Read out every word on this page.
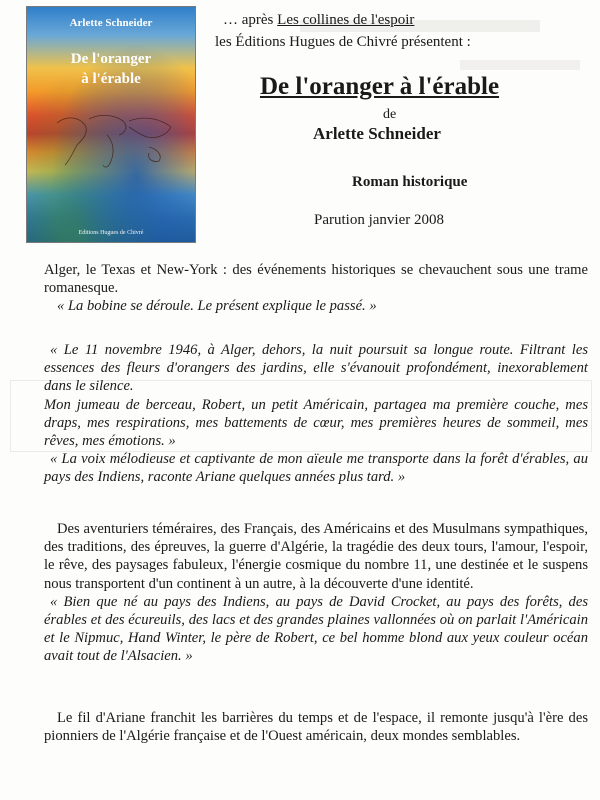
Arlette Schneider
De l'oranger
à l'érable
Editions Hugues de Chivré
… après Les collines de l'espoir
les Éditions Hugues de Chivré présentent :
De l'oranger à l'érable
de
Arlette Schneider
Roman historique
Parution janvier 2008

Alger, le Texas et New-York : des événements historiques se chevauchent sous une trame romanesque.

« La bobine se déroule. Le présent explique le passé. »

« Le 11 novembre 1946, à Alger, dehors, la nuit poursuit sa longue route. Filtrant les essences des fleurs d'orangers des jardins, elle s'évanouit profondément, inexorablement dans le silence.

Mon jumeau de berceau, Robert, un petit Américain, partagea ma première couche, mes draps, mes respirations, mes battements de cœur, mes premières heures de sommeil, mes rêves, mes émotions. »

« La voix mélodieuse et captivante de mon aïeule me transporte dans la forêt d'érables, au pays des Indiens, raconte Ariane quelques années plus tard. »

Des aventuriers téméraires, des Français, des Américains et des Musulmans sympathiques, des traditions, des épreuves, la guerre d'Algérie, la tragédie des deux tours, l'amour, l'espoir, le rêve, des paysages fabuleux, l'énergie cosmique du nombre 11, une destinée et le suspens nous transportent d'un continent à un autre, à la découverte d'une identité.

« Bien que né au pays des Indiens, au pays de David Crocket, au pays des forêts, des érables et des écureuils, des lacs et des grandes plaines vallonnées où on parlait l'Américain et le Nipmuc, Hand Winter, le père de Robert, ce bel homme blond aux yeux couleur océan avait tout de l'Alsacien. »

Le fil d'Ariane franchit les barrières du temps et de l'espace, il remonte jusqu'à l'ère des pionniers de l'Algérie française et de l'Ouest américain, deux mondes semblables.
